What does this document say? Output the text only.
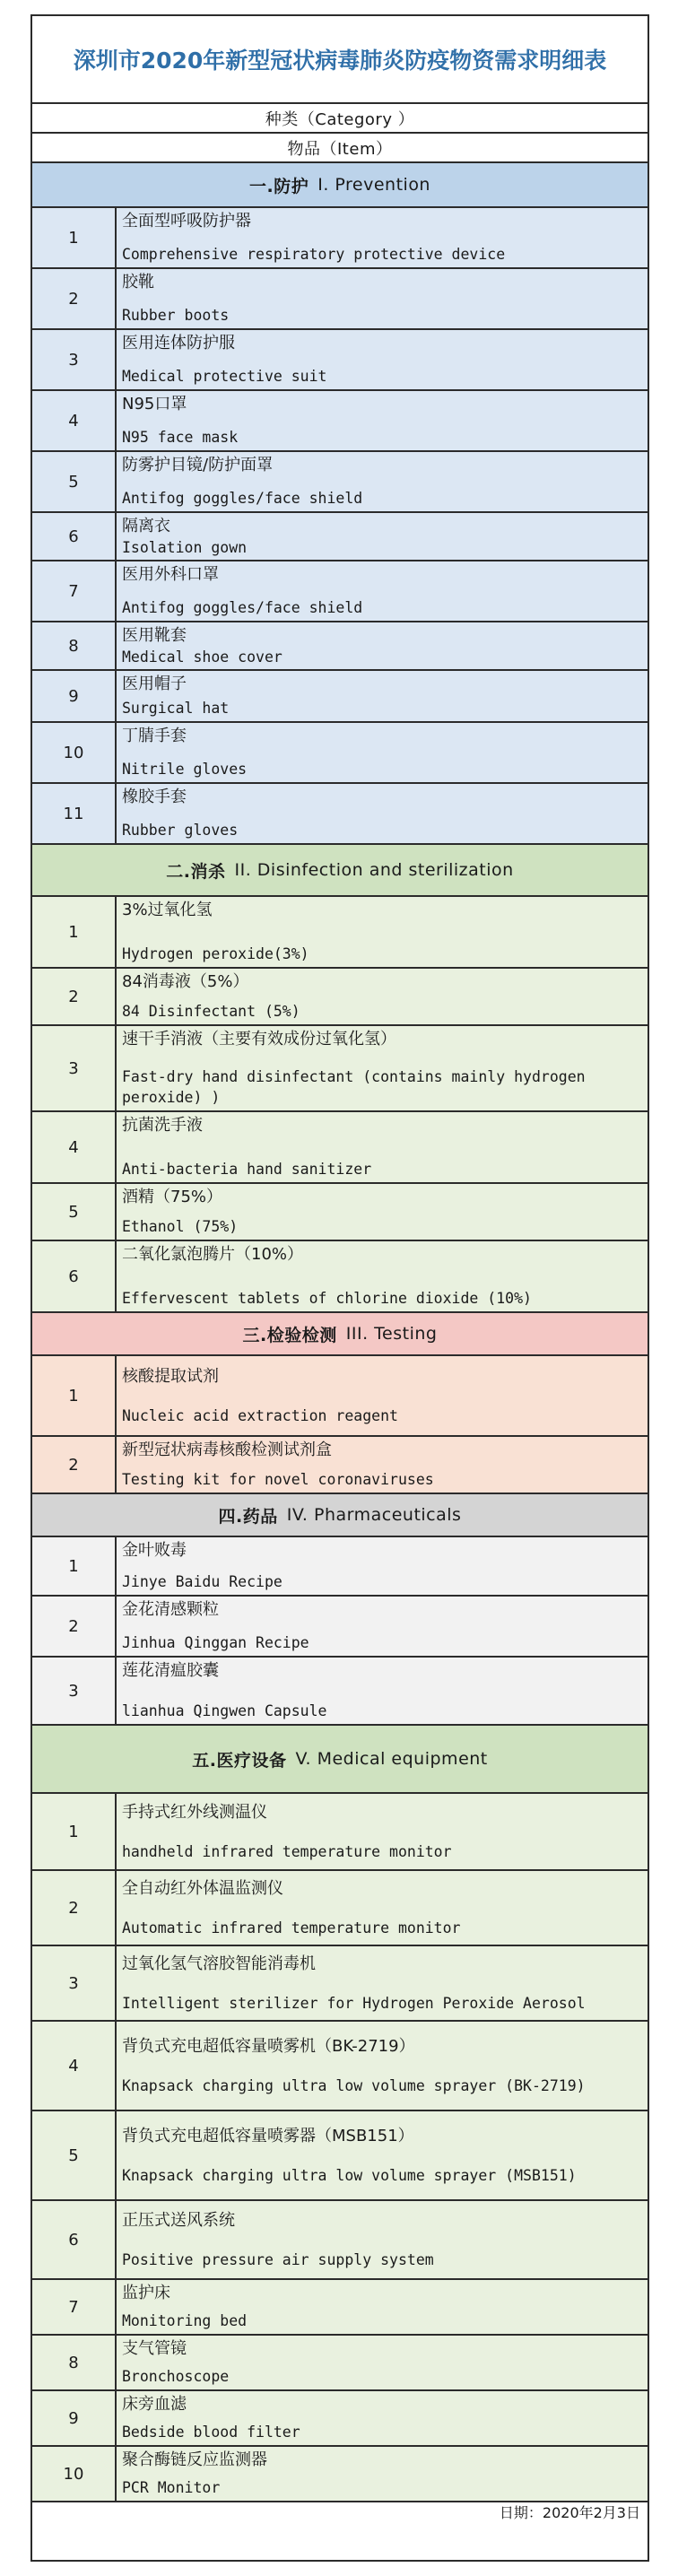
深圳市2020年新型冠状病毒肺炎防疫物资需求明细表
种类（Category ）
物品（Item）
一.防护 I. Prevention
1
全面型呼吸防护器
Comprehensive respiratory protective device
2
胶靴
Rubber boots
3
医用连体防护服
Medical protective suit
4
N95口罩
N95 face mask
5
防雾护目镜/防护面罩
Antifog goggles/face shield
6
隔离衣
Isolation gown
7
医用外科口罩
Antifog goggles/face shield
8
医用靴套
Medical shoe cover
9
医用帽子
Surgical hat
10
丁腈手套
Nitrile gloves
11
橡胶手套
Rubber gloves
二.消杀 II. Disinfection and sterilization
1
3%过氧化氢
Hydrogen peroxide(3%)
2
84消毒液（5%）
84 Disinfectant (5%)
3
速干手消液（主要有效成份过氧化氢）
Fast-dry hand disinfectant (contains mainly hydrogen peroxide) )
4
抗菌洗手液
Anti-bacteria hand sanitizer
5
酒精（75%）
Ethanol (75%)
6
二氧化氯泡腾片（10%）
Effervescent tablets of chlorine dioxide (10%)
三.检验检测 III. Testing
1
核酸提取试剂
Nucleic acid extraction reagent
2
新型冠状病毒核酸检测试剂盒
Testing kit for novel coronaviruses
四.药品 IV. Pharmaceuticals
1
金叶败毒
Jinye Baidu Recipe
2
金花清感颗粒
Jinhua Qinggan Recipe
3
莲花清瘟胶囊
lianhua Qingwen Capsule
五.医疗设备 V. Medical equipment
1
手持式红外线测温仪
handheld infrared temperature monitor
2
全自动红外体温监测仪
Automatic infrared temperature monitor
3
过氧化氢气溶胶智能消毒机
Intelligent sterilizer for Hydrogen Peroxide Aerosol
4
背负式充电超低容量喷雾机（BK-2719）
Knapsack charging ultra low volume sprayer (BK-2719)
5
背负式充电超低容量喷雾器（MSB151）
Knapsack charging ultra low volume sprayer (MSB151)
6
正压式送风系统
Positive pressure air supply system
7
监护床
Monitoring bed
8
支气管镜
Bronchoscope
9
床旁血滤
Bedside blood filter
10
聚合酶链反应监测器
PCR Monitor
日期：2020年2月3日
